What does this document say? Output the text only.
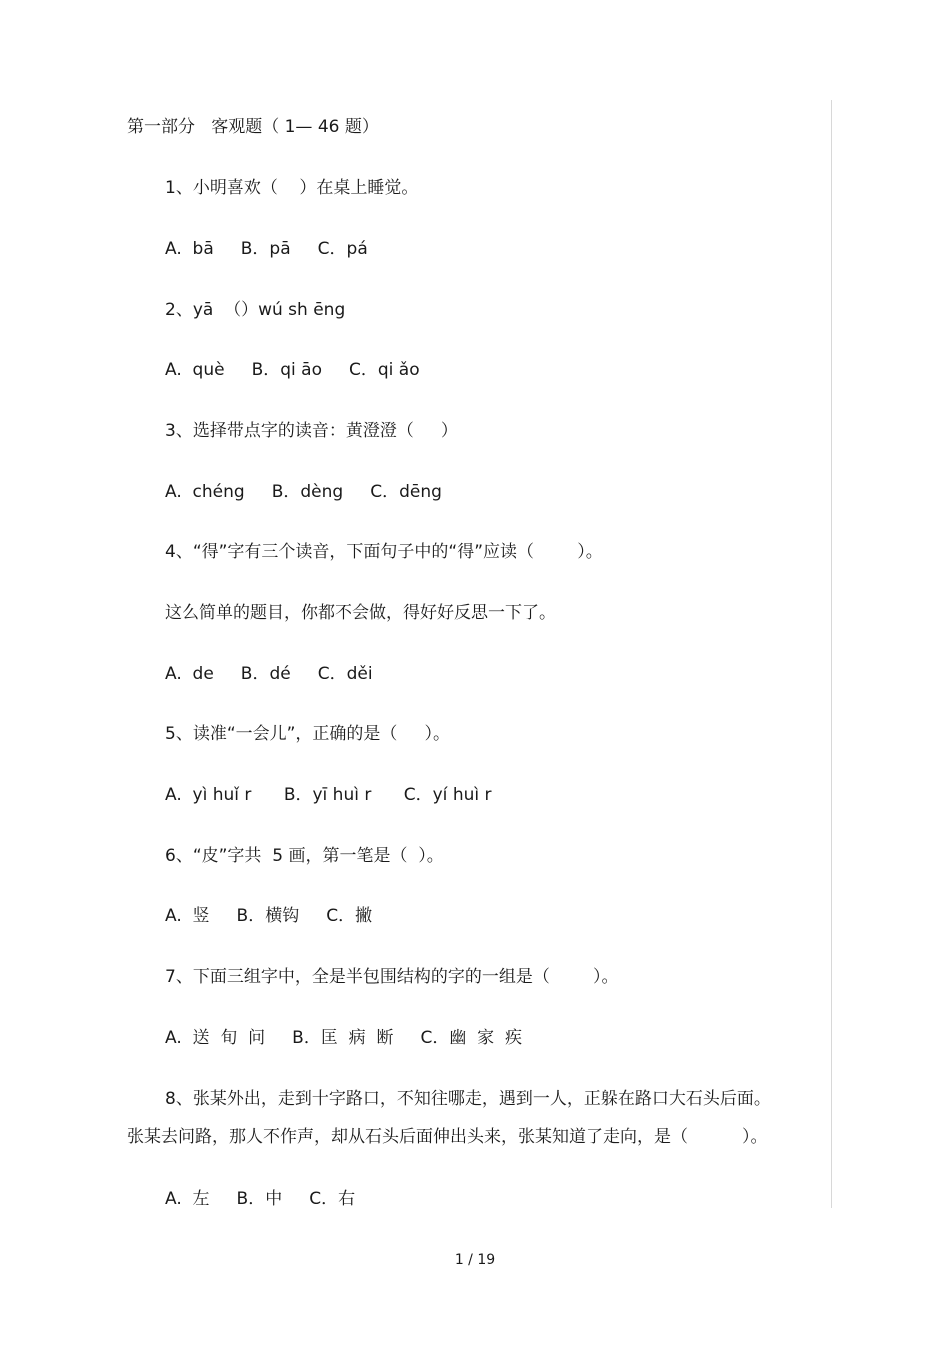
第一部分   客观题（ 1— 46 题）
1、小明喜欢（    ）在桌上睡觉。
A.  bā     B．pā     C．pá
2、yā  （）wú sh ēng
A.  què     B．qi āo     C．qi ǎo
3、选择带点字的读音：黄澄澄（     ）
A.  chéng     B．dèng     C．dēng
4、“得”字有三个读音，下面句子中的“得”应读（        ）。
这么简单的题目，你都不会做，得好好反思一下了。
A.  de     B．dé     C．děi
5、读准“一会儿”，正确的是（     ）。
A.  yì huǐ r      B．yī huì r      C．yí huì r
6、“皮”字共  5 画，第一笔是（  ）。
A.  竖     B．横钩     C．撇
7、下面三组字中，全是半包围结构的字的一组是（        ）。
A.  送  旬  问     B．匡  病  断     C．幽  家  疾
8、张某外出，走到十字路口，不知往哪走，遇到一人，正躲在路口大石头后面。
张某去问路，那人不作声，却从石头后面伸出头来，张某知道了走向，是（          ）。
A.  左     B．中     C．右
1 / 19
